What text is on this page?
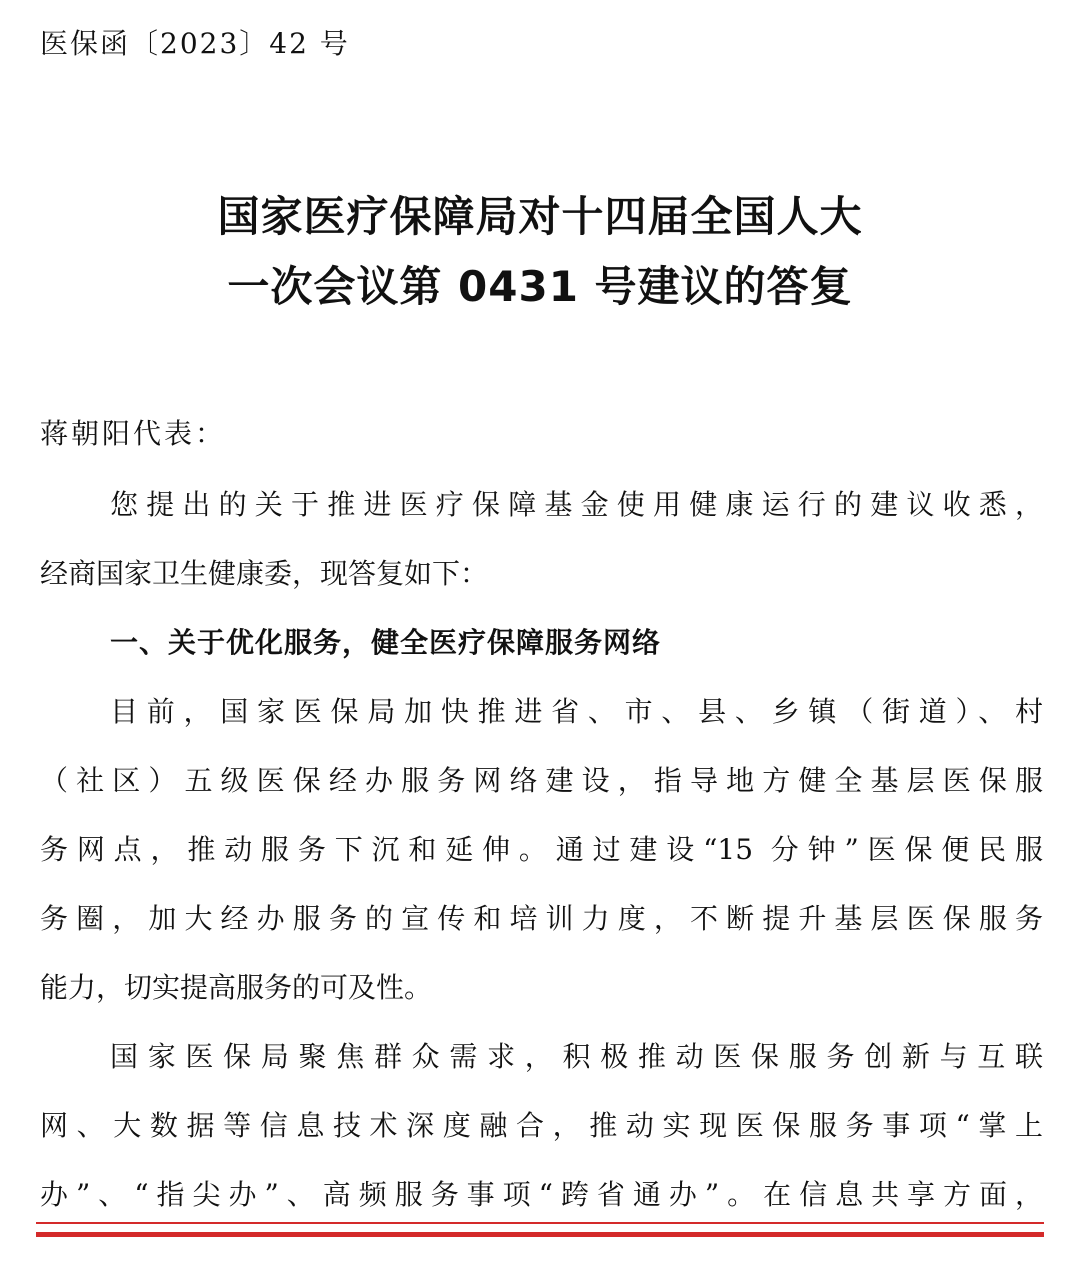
医保函〔2023〕42 号
国家医疗保障局对十四届全国人大
一次会议第 0431 号建议的答复
蒋朝阳代表：
您提出的关于推进医疗保障基金使用健康运行的建议收悉，
经商国家卫生健康委，现答复如下：
一、关于优化服务，健全医疗保障服务网络
目前，国家医保局加快推进省、市、县、乡镇（街道）、村
（社区）五级医保经办服务网络建设，指导地方健全基层医保服
务网点，推动服务下沉和延伸。通过建设“15 分钟”医保便民服
务圈，加大经办服务的宣传和培训力度，不断提升基层医保服务
能力，切实提高服务的可及性。
国家医保局聚焦群众需求，积极推动医保服务创新与互联
网、大数据等信息技术深度融合，推动实现医保服务事项“掌上
办”、“指尖办”、高频服务事项“跨省通办”。在信息共享方面，
